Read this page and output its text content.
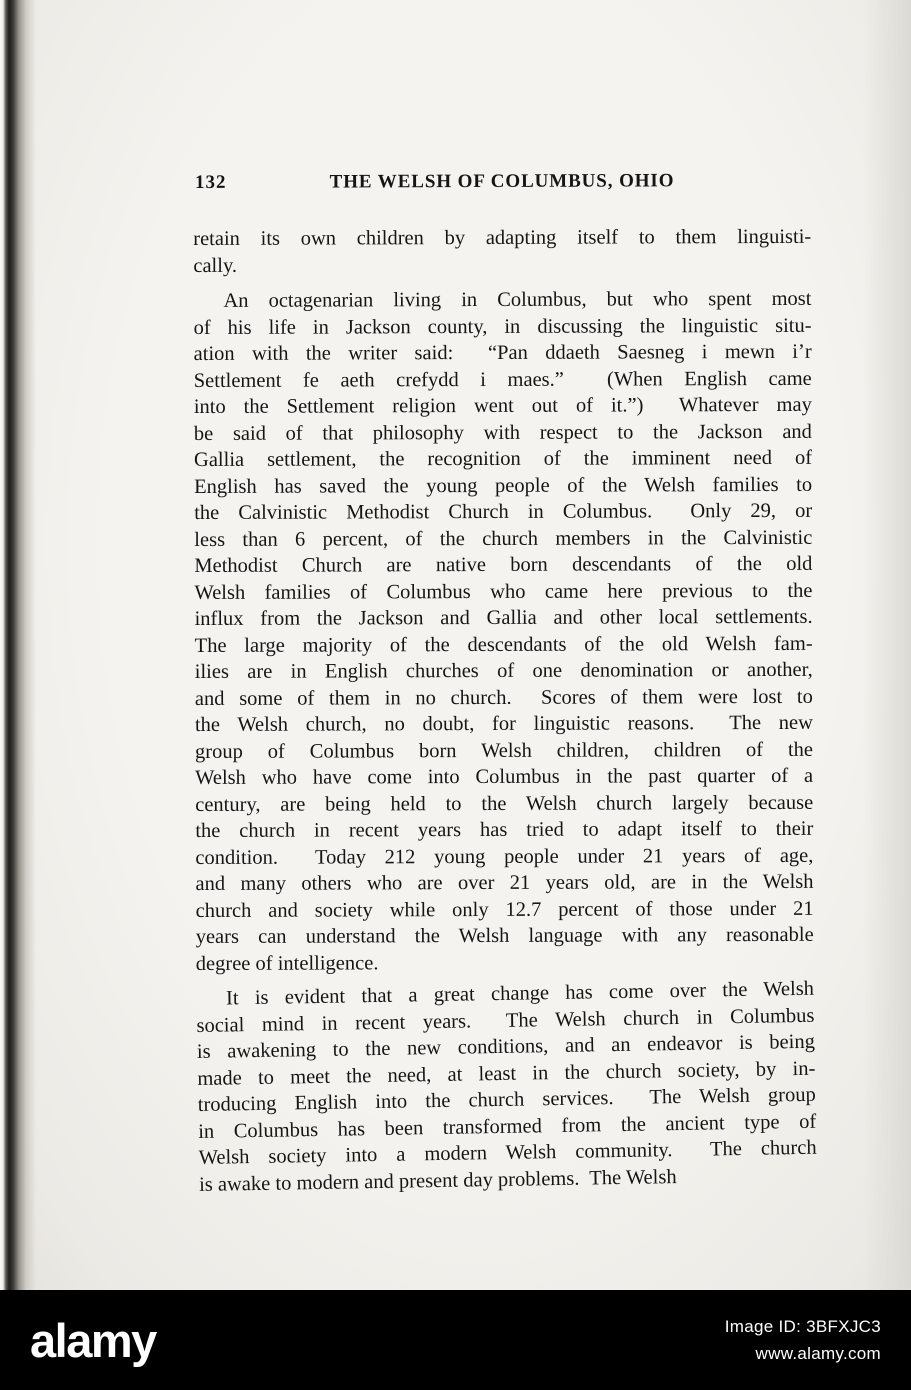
132	THE WELSH OF COLUMBUS, OHIO
retain its own children by adapting itself to them linguisti-
cally.
An octagenarian living in Columbus, but who spent most
of his life in Jackson county, in discussing the linguistic situ-
ation with the writer said:  “Pan ddaeth Saesneg i mewn i’r
Settlement fe aeth crefydd i maes.”  (When English came
into the Settlement religion went out of it.”)  Whatever may
be said of that philosophy with respect to the Jackson and
Gallia settlement, the recognition of the imminent need of
English has saved the young people of the Welsh families to
the Calvinistic Methodist Church in Columbus.  Only 29, or
less than 6 percent, of the church members in the Calvinistic
Methodist Church are native born descendants of the old
Welsh families of Columbus who came here previous to the
influx from the Jackson and Gallia and other local settlements.
The large majority of the descendants of the old Welsh fam-
ilies are in English churches of one denomination or another,
and some of them in no church.  Scores of them were lost to
the Welsh church, no doubt, for linguistic reasons.  The new
group of Columbus born Welsh children, children of the
Welsh who have come into Columbus in the past quarter of a
century, are being held to the Welsh church largely because
the church in recent years has tried to adapt itself to their
condition.  Today 212 young people under 21 years of age,
and many others who are over 21 years old, are in the Welsh
church and society while only 12.7 percent of those under 21
years can understand the Welsh language with any reasonable
degree of intelligence.
It is evident that a great change has come over the Welsh
social mind in recent years.  The Welsh church in Columbus
is awakening to the new conditions, and an endeavor is being
made to meet the need, at least in the church society, by in-
troducing English into the church services.  The Welsh group
in Columbus has been transformed from the ancient type of
Welsh society into a modern Welsh community.  The church
is awake to modern and present day problems.  The Welsh
alamy	Image ID: 3BFXJC3
www.alamy.com
